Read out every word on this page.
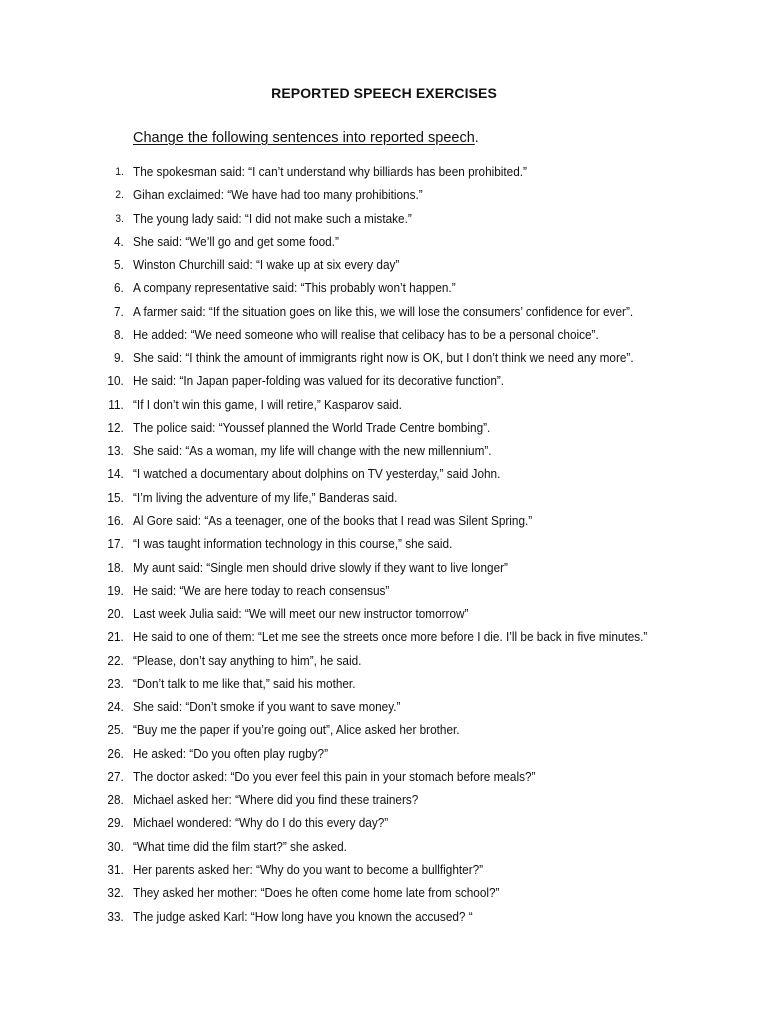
REPORTED SPEECH EXERCISES
Change the following sentences into reported speech.
1. The spokesman said: “I can’t understand why billiards has been prohibited.”
2. Gihan exclaimed: “We have had too many prohibitions.”
3. The young lady said: “I did not make such a mistake.”
4. She said: “We’ll go and get some food.”
5. Winston Churchill said: “I wake up at six every day”
6. A company representative said: “This probably won’t happen.”
7. A farmer said: “If the situation goes on like this, we will lose the consumers’ confidence for ever”.
8. He added: “We need someone who will realise that celibacy has to be a personal choice”.
9. She said: “I think the amount of immigrants right now is OK, but I don’t think we need any more”.
10. He said: “In Japan paper-folding was valued for its decorative function”.
11. “If I don’t win this game, I will retire,” Kasparov said.
12. The police said: “Youssef planned the World Trade Centre bombing”.
13. She said: “As a woman, my life will change with the new millennium”.
14. “I watched a documentary about dolphins on TV yesterday,” said John.
15. “I’m living the adventure of my life,” Banderas said.
16. Al Gore said: “As a teenager, one of the books that I read was Silent Spring.”
17. “I was taught information technology in this course,” she said.
18. My aunt said: “Single men should drive slowly if they want to live longer”
19. He said: “We are here today to reach consensus”
20. Last week Julia said: “We will meet our new instructor tomorrow”
21. He said to one of them: “Let me see the streets once more before I die. I’ll be back in five minutes.”
22. “Please, don’t say anything to him”, he said.
23. “Don’t talk to me like that,” said his mother.
24. She said: “Don’t smoke if you want to save money.”
25. “Buy me the paper if you’re going out”, Alice asked her brother.
26. He asked: “Do you often play rugby?”
27. The doctor asked: “Do you ever feel this pain in your stomach before meals?”
28. Michael asked her: “Where did you find these trainers?
29. Michael wondered: “Why do I do this every day?”
30. “What time did the film start?” she asked.
31. Her parents asked her: “Why do you want to become a bullfighter?”
32. They asked her mother: “Does he often come home late from school?”
33. The judge asked Karl: “How long have you known the accused? “
